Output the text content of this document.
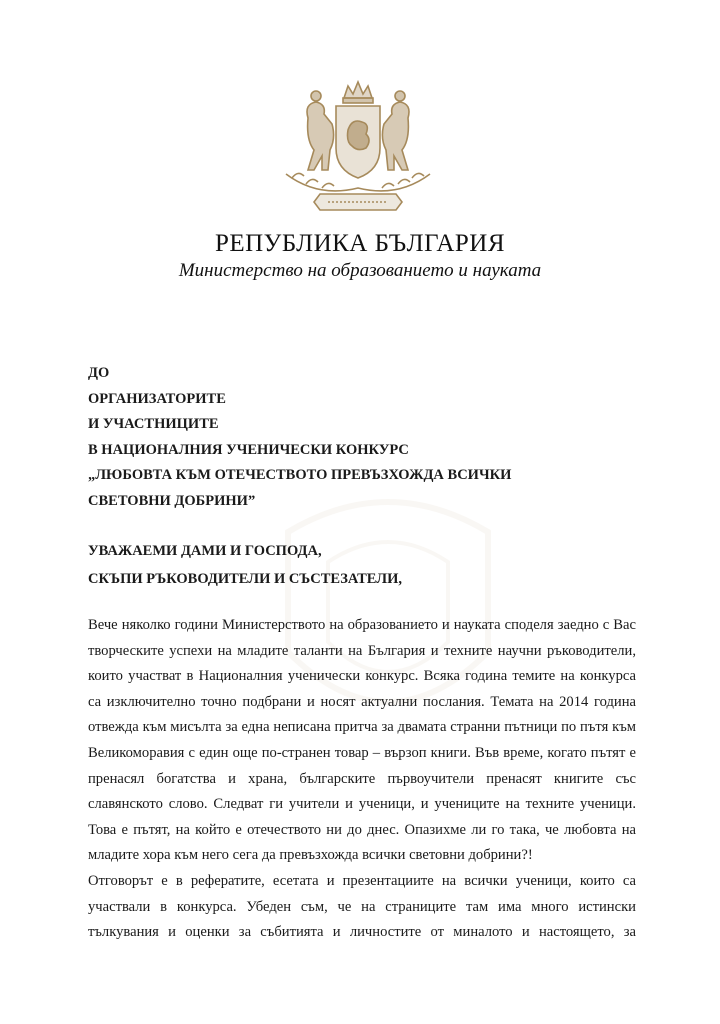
РЕПУБЛИКА БЪЛГАРИЯ
Министерство на образованието и науката
ДО
ОРГАНИЗАТОРИТЕ
И УЧАСТНИЦИТЕ
В НАЦИОНАЛНИЯ УЧЕНИЧЕСКИ КОНКУРС
„ЛЮБОВТА КЪМ ОТЕЧЕСТВОТО ПРЕВЪЗХОЖДА ВСИЧКИ
СВЕТОВНИ ДОБРИНИ”
УВАЖАЕМИ ДАМИ И ГОСПОДА,
СКЪПИ РЪКОВОДИТЕЛИ И СЪСТЕЗАТЕЛИ,
Вече няколко години Министерството на образованието и науката споделя заедно с Вас
творческите успехи на младите таланти на България и техните научни ръководители,
които участват в Националния ученически конкурс. Всяка година темите на конкурса
са изключително точно подбрани и носят актуални послания. Темата на 2014 година
отвежда към мисълта за една неписана притча за двамата странни пътници по пътя към
Великоморавия с един още по-странен товар – вързоп книги. Във време, когато пътят е
пренасял богатства и храна, българските първоучители пренасят книгите със
славянското слово. Следват ги учители и ученици, и учениците на техните ученици.
Това е пътят, на който е отечеството ни до днес. Опазихме ли го така, че любовта на
младите хора към него сега да превъзхожда всички световни добрини?!
Отговорът е в рефератите, есетата и презентациите на всички ученици, които са
участвали в конкурса. Убеден съм, че на страниците там има много истински
тълкувания и оценки за събитията и личностите от миналото и настоящето, за
